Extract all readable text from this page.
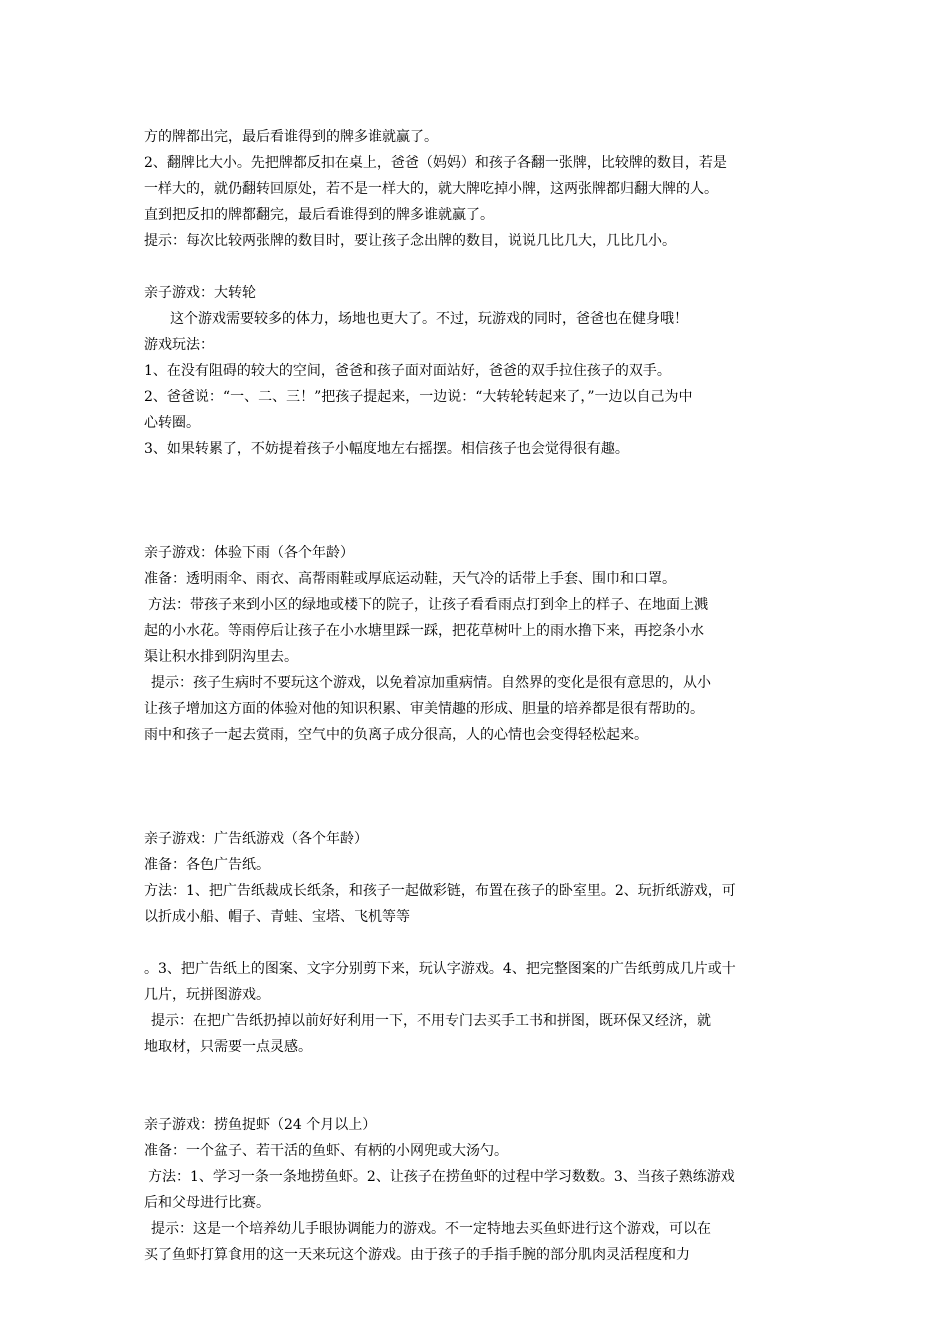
方的牌都出完，最后看谁得到的牌多谁就赢了。
2、翻牌比大小。先把牌都反扣在桌上，爸爸（妈妈）和孩子各翻一张牌，比较牌的数目，若是
一样大的，就仍翻转回原处，若不是一样大的，就大牌吃掉小牌，这两张牌都归翻大牌的人。
直到把反扣的牌都翻完，最后看谁得到的牌多谁就赢了。
提示：每次比较两张牌的数目时，要让孩子念出牌的数目，说说几比几大，几比几小。
亲子游戏：大转轮
这个游戏需要较多的体力，场地也更大了。不过，玩游戏的同时，爸爸也在健身哦！
游戏玩法：
1、在没有阻碍的较大的空间，爸爸和孩子面对面站好，爸爸的双手拉住孩子的双手。
2、爸爸说：“一、二、三！”把孩子提起来，一边说：“大转轮转起来了，”一边以自己为中
心转圈。
3、如果转累了，不妨提着孩子小幅度地左右摇摆。相信孩子也会觉得很有趣。
亲子游戏：体验下雨（各个年龄）
准备：透明雨伞、雨衣、高帮雨鞋或厚底运动鞋，天气冷的话带上手套、围巾和口罩。
方法：带孩子来到小区的绿地或楼下的院子，让孩子看看雨点打到伞上的样子、在地面上溅
起的小水花。等雨停后让孩子在小水塘里踩一踩，把花草树叶上的雨水撸下来，再挖条小水
渠让积水排到阴沟里去。
提示：孩子生病时不要玩这个游戏，以免着凉加重病情。自然界的变化是很有意思的，从小
让孩子增加这方面的体验对他的知识积累、审美情趣的形成、胆量的培养都是很有帮助的。
雨中和孩子一起去赏雨，空气中的负离子成分很高，人的心情也会变得轻松起来。
亲子游戏：广告纸游戏（各个年龄）
准备：各色广告纸。
方法：1、把广告纸裁成长纸条，和孩子一起做彩链，布置在孩子的卧室里。2、玩折纸游戏，可
以折成小船、帽子、青蛙、宝塔、飞机等等
。3、把广告纸上的图案、文字分别剪下来，玩认字游戏。4、把完整图案的广告纸剪成几片或十
几片，玩拼图游戏。
提示：在把广告纸扔掉以前好好利用一下，不用专门去买手工书和拼图，既环保又经济，就
地取材，只需要一点灵感。
亲子游戏：捞鱼捉虾（24 个月以上）
准备：一个盆子、若干活的鱼虾、有柄的小网兜或大汤勺。
方法：1、学习一条一条地捞鱼虾。2、让孩子在捞鱼虾的过程中学习数数。3、当孩子熟练游戏
后和父母进行比赛。
提示：这是一个培养幼儿手眼协调能力的游戏。不一定特地去买鱼虾进行这个游戏，可以在
买了鱼虾打算食用的这一天来玩这个游戏。由于孩子的手指手腕的部分肌肉灵活程度和力
